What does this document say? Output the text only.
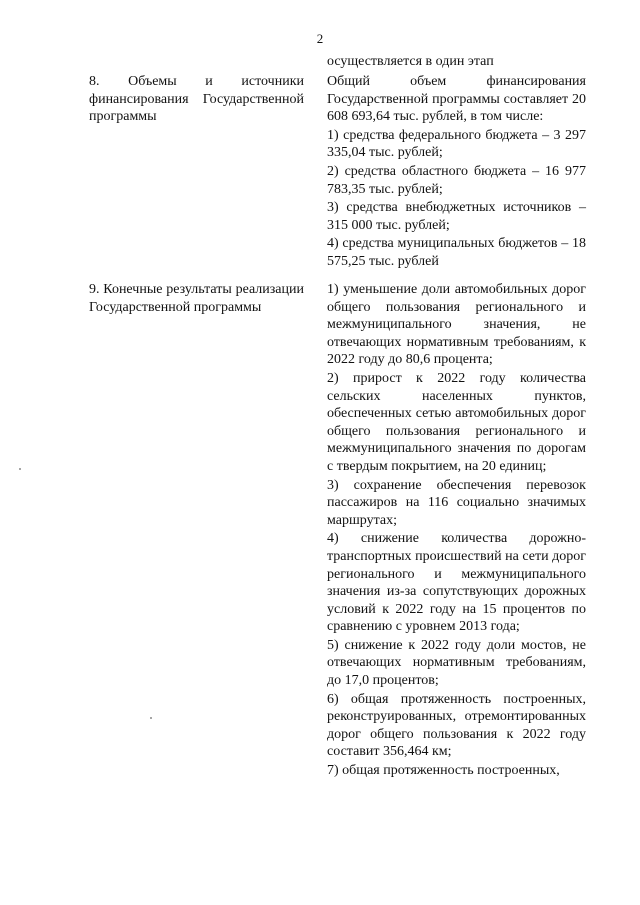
2
осуществляется в один этап
8. Объемы и источники финансирования Государственной программы
Общий объем финансирования Государственной программы составляет 20 608 693,64 тыс. рублей, в том числе:
1) средства федерального бюджета – 3 297 335,04 тыс. рублей;
2) средства областного бюджета – 16 977 783,35 тыс. рублей;
3) средства внебюджетных источников – 315 000 тыс. рублей;
4) средства муниципальных бюджетов – 18 575,25 тыс. рублей
9. Конечные результаты реализации Государственной программы
1) уменьшение доли автомобильных дорог общего пользования регионального и межмуниципального значения, не отвечающих нормативным требованиям, к 2022 году до 80,6 процента;
2) прирост к 2022 году количества сельских населенных пунктов, обеспеченных сетью автомобильных дорог общего пользования регионального и межмуниципального значения по дорогам с твердым покрытием, на 20 единиц;
3) сохранение обеспечения перевозок пассажиров на 116 социально значимых маршрутах;
4) снижение количества дорожно-транспортных происшествий на сети дорог регионального и межмуниципального значения из-за сопутствующих дорожных условий к 2022 году на 15 процентов по сравнению с уровнем 2013 года;
5) снижение к 2022 году доли мостов, не отвечающих нормативным требованиям, до 17,0 процентов;
6) общая протяженность построенных, реконструированных, отремонтированных дорог общего пользования к 2022 году составит 356,464 км;
7) общая протяженность построенных,
